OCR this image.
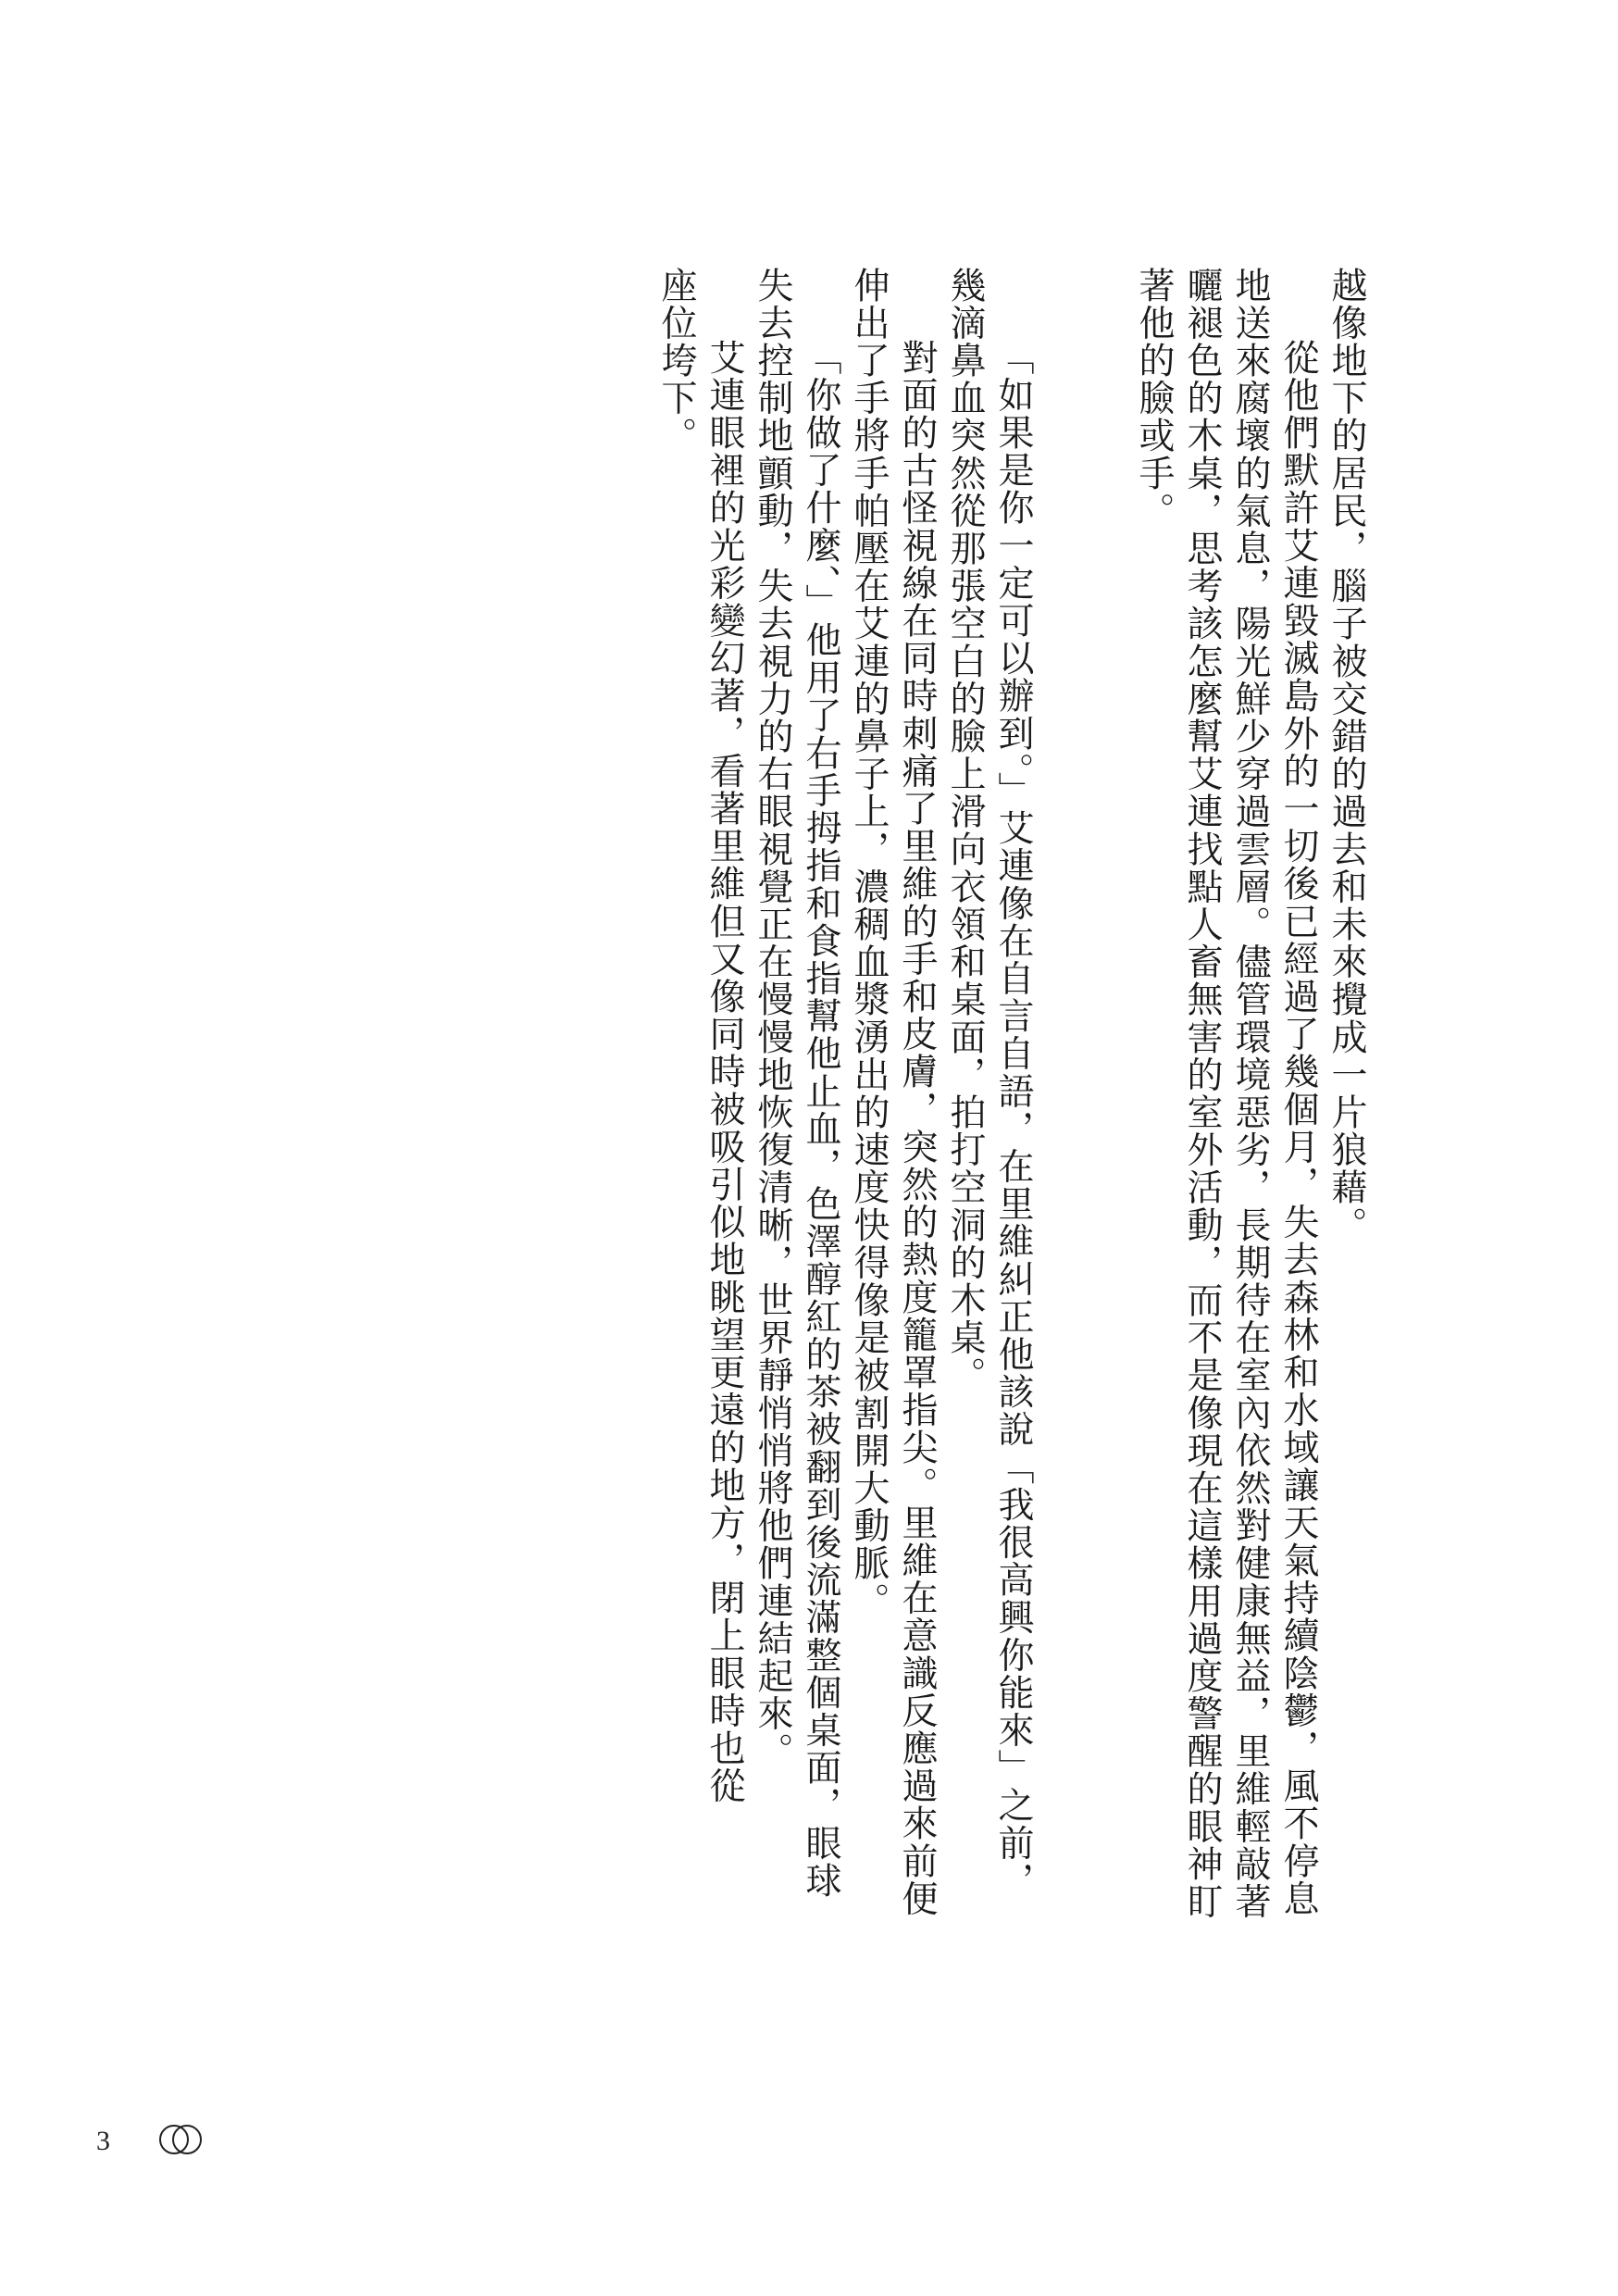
越像地下的居民，腦子被交錯的過去和未來攪成一片狼藉。
從他們默許艾連毀滅島外的一切後已經過了幾個月，失去森林和水域讓天氣持續陰鬱，風不停息
地送來腐壞的氣息，陽光鮮少穿過雲層。儘管環境惡劣，長期待在室內依然對健康無益，里維輕敲著
曬褪色的木桌，思考該怎麼幫艾連找點人畜無害的室外活動，而不是像現在這樣用過度警醒的眼神盯
著他的臉或手。
「如果是你一定可以辦到。」艾連像在自言自語，在里維糾正他該說「我很高興你能來」之前，
幾滴鼻血突然從那張空白的臉上滑向衣領和桌面，拍打空洞的木桌。
對面的古怪視線在同時刺痛了里維的手和皮膚，突然的熱度籠罩指尖。里維在意識反應過來前便
伸出了手將手帕壓在艾連的鼻子上，濃稠血漿湧出的速度快得像是被割開大動脈。
「你做了什麼、」他用了右手拇指和食指幫他止血，色澤醇紅的茶被翻到後流滿整個桌面，眼球
失去控制地顫動，失去視力的右眼視覺正在慢慢地恢復清晰，世界靜悄悄將他們連結起來。
艾連眼裡的光彩變幻著，看著里維但又像同時被吸引似地眺望更遠的地方，閉上眼時也從
座位垮下。
3
